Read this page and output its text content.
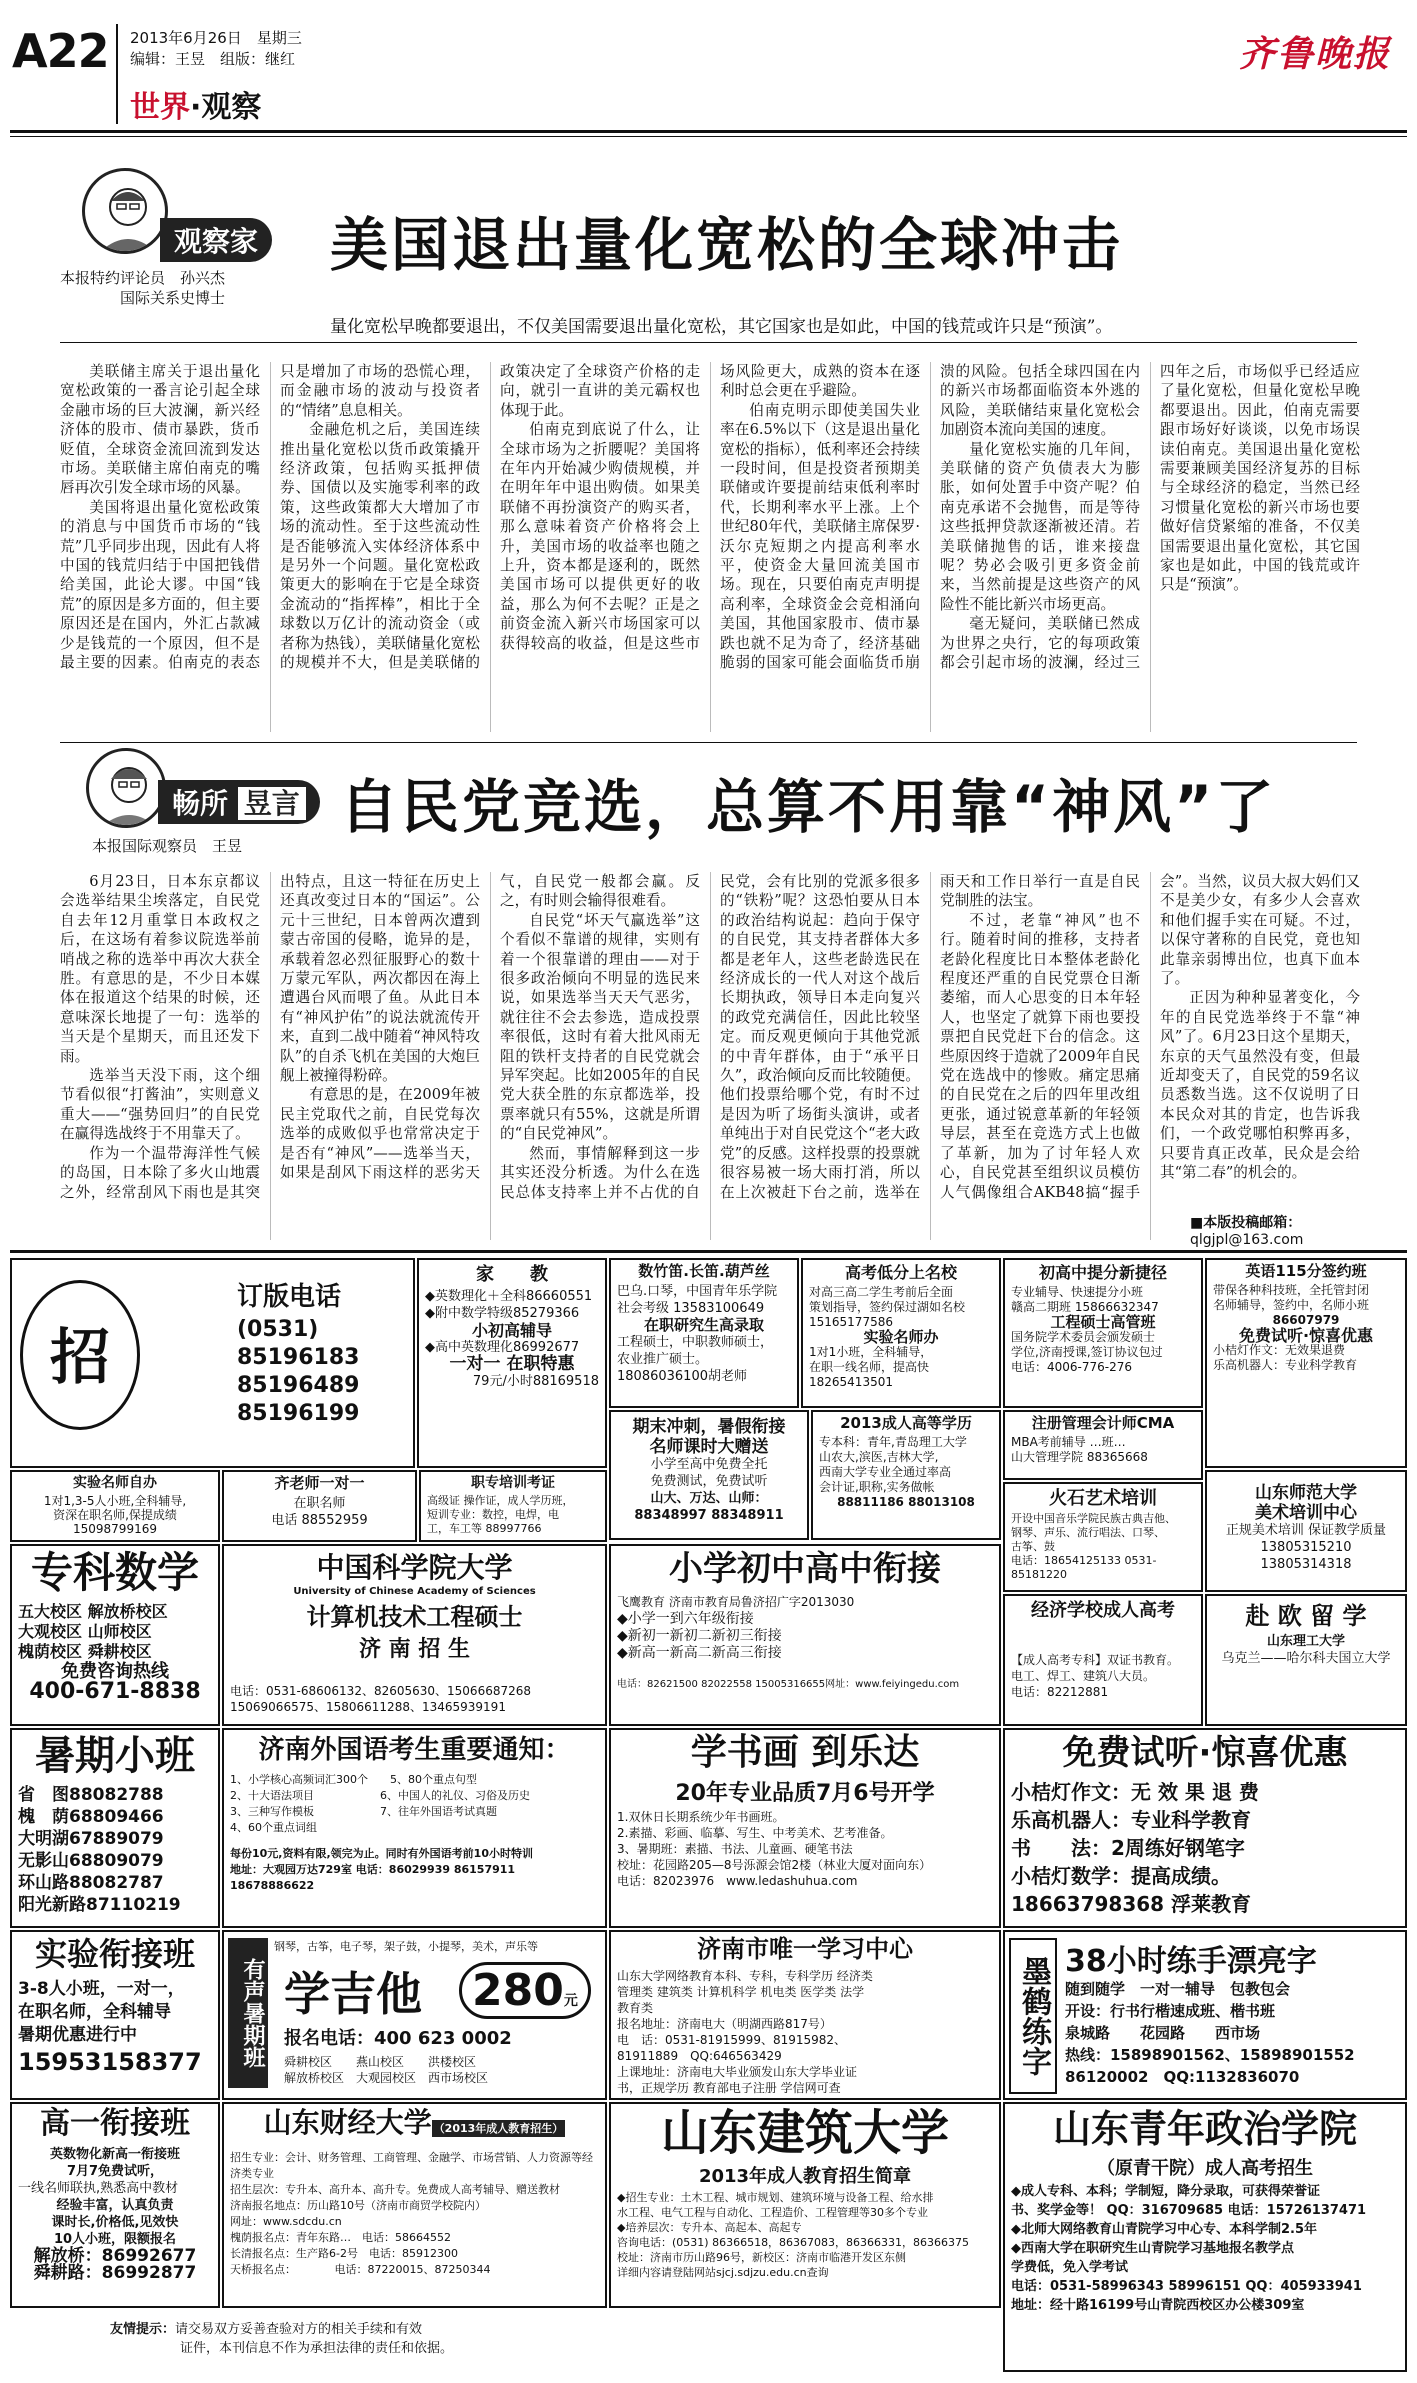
A22 2013年6月26日　 星期三
编辑：王昱　 组版：继红
世界·观察
齐鲁晚报
观察家
本报特约评论员　孙兴杰
国际关系史博士
美国退出量化宽松的全球冲击
量化宽松早晚都要退出，不仅美国需要退出量化宽松，其它国家也是如此，中国的钱荒或许只是“预演”。

美联储主席关于退出量化宽松政策的一番言论引起全球金融市场的巨大波澜，新兴经济体的股市、债市暴跌，货币贬值，全球资金流回流到发达市场。美联储主席伯南克的嘴唇再次引发全球市场的风暴。

美国将退出量化宽松政策的消息与中国货币市场的“钱荒”几乎同步出现，因此有人将中国的钱荒归结于中国把钱借给美国，此论大谬。中国“钱荒”的原因是多方面的，但主要原因还是在国内，外汇占款减少是钱荒的一个原因，但不是最主要的因素。伯南克的表态只是增加了市场的恐慌心理，而金融市场的波动与投资者的“情绪”息息相关。

金融危机之后，美国连续推出量化宽松以货币政策撬开经济政策，包括购买抵押债券、国债以及实施零利率的政策，这些政策都大大增加了市场的流动性。至于这些流动性是否能够流入实体经济体系中是另外一个问题。量化宽松政策更大的影响在于它是全球资金流动的“指挥棒”，相比于全球数以万亿计的流动资金（或者称为热钱），美联储量化宽松的规模并不大，但是美联储的政策决定了全球资产价格的走向，就引一直讲的美元霸权也体现于此。

伯南克到底说了什么，让全球市场为之折腰呢？美国将在年内开始减少购债规模，并在明年年中退出购债。如果美联储不再扮演资产的购买者，那么意味着资产价格将会上升，美国市场的收益率也随之上升，资本都是逐利的，既然美国市场可以提供更好的收益，那么为何不去呢？正是之前资金流入新兴市场国家可以获得较高的收益，但是这些市场风险更大，成熟的资本在逐利时总会更在乎避险。

伯南克明示即使美国失业率在6.5%以下（这是退出量化宽松的指标），低利率还会持续一段时间，但是投资者预期美联储或许要提前结束低利率时代，长期利率水平上涨。上个世纪80年代，美联储主席保罗·沃尔克短期之内提高利率水平，使资金大量回流美国市场。现在，只要伯南克声明提高利率，全球资金会竞相涌向美国，其他国家股市、债市暴跌也就不足为奇了，经济基础脆弱的国家可能会面临货币崩溃的风险。包括全球四国在内的新兴市场都面临资本外逃的风险，美联储结束量化宽松会加剧资本流向美国的速度。

量化宽松实施的几年间，美联储的资产负债表大为膨胀，如何处置手中资产呢？伯南克承诺不会抛售，而是等待这些抵押贷款逐渐被还清。若美联储抛售的话，谁来接盘呢？势必会吸引更多资金前来，当然前提是这些资产的风险性不能比新兴市场更高。

毫无疑问，美联储已然成为世界之央行，它的每项政策都会引起市场的波澜，经过三四年之后，市场似乎已经适应了量化宽松，但量化宽松早晚都要退出。因此，伯南克需要跟市场好好谈谈，以免市场误读伯南克。美国退出量化宽松需要兼顾美国经济复苏的目标与全球经济的稳定，当然已经习惯量化宽松的新兴市场也要做好信贷紧缩的准备，不仅美国需要退出量化宽松，其它国家也是如此，中国的钱荒或许只是“预演”。

畅所 昱言
本报国际观察员　王昱
自民党竞选，总算不用靠“神风”了

6月23日，日本东京都议会选举结果尘埃落定，自民党自去年12月重掌日本政权之后，在这场有着参议院选举前哨战之称的选举中再次大获全胜。有意思的是，不少日本媒体在报道这个结果的时候，还意味深长地提了一句：选举的当天是个星期天，而且还发下雨。

选举当天没下雨，这个细节看似很“打酱油”，实则意义重大——“强势回归”的自民党在赢得选战终于不用靠天了。

作为一个温带海洋性气候的岛国，日本除了多火山地震之外，经常刮风下雨也是其突出特点，且这一特征在历史上还真改变过日本的“国运”。公元十三世纪，日本曾两次遭到蒙古帝国的侵略，诡异的是，承载着忽必烈征服野心的数十万蒙元军队，两次都因在海上遭遇台风而喂了鱼。从此日本有“神风护佑”的说法就流传开来，直到二战中随着“神风特攻队”的自杀飞机在美国的大炮巨舰上被撞得粉碎。

有意思的是，在2009年被民主党取代之前，自民党每次选举的成败似乎也常常决定于是否有“神风”——选举当天，如果是刮风下雨这样的恶劣天气，自民党一般都会赢。反之，有时则会输得很难看。

自民党“坏天气赢选举”这个看似不靠谱的规律，实则有着一个很靠谱的理由——对于很多政治倾向不明显的选民来说，如果选举当天天气恶劣，就往往不会去参选，造成投票率很低，这时有着大批风雨无阻的铁杆支持者的自民党就会异军突起。比如2005年的自民党大获全胜的东京都选举，投票率就只有55%，这就是所谓的“自民党神风”。

然而，事情解释到这一步其实还没分析透。为什么在选民总体支持率上并不占优的自民党，会有比别的党派多很多的“铁粉”呢？这恐怕要从日本的政治结构说起：趋向于保守的自民党，其支持者群体大多都是老年人，这些老龄选民在经济成长的一代人对这个战后长期执政，领导日本走向复兴的政党充满信任，因此比较坚定。而反观更倾向于其他党派的中青年群体，由于“承平日久”，政治倾向反而比较随便。他们投票给哪个党，有时不过是因为听了场街头演讲，或者单纯出于对自民党这个“老大政党”的反感。这样投票的投票就很容易被一场大雨打消，所以在上次被赶下台之前，选举在雨天和工作日举行一直是自民党制胜的法宝。

不过，老靠“神风”也不行。随着时间的推移，支持者老龄化程度比日本整体老龄化程度还严重的自民党票仓日渐萎缩，而人心思变的日本年轻人，也坚定了就算下雨也要投票把自民党赶下台的信念。这些原因终于造就了2009年自民党在选战中的惨败。痛定思痛的自民党在之后的四年里改组更张，通过锐意革新的年轻领导层，甚至在竞选方式上也做了革新，加为了讨年轻人欢心，自民党甚至组织议员模仿人气偶像组合AKB48搞“握手会”。当然，议员大叔大妈们又不是美少女，有多少人会喜欢和他们握手实在可疑。不过，以保守著称的自民党，竟也知此靠亲弱博出位，也真下血本了。

正因为种种显著变化，今年的自民党选举终于不靠“神风”了。6月23日这个星期天，东京的天气虽然没有变，但最近却变天了，自民党的59名议员悉数当选。这不仅说明了日本民众对其的肯定，也告诉我们，一个政党哪怕积弊再多，只要肯真正改革，民众是会给其“第二春”的机会的。

■本版投稿邮箱：
qlgjpl@163.com
招
订版电话
(0531)
85196183
85196489
85196199
家　　教
◆英数理化＋全科86660551
◆附中数学特级85279366
小初高辅导
◆高中英数理化86992677
一对一 在职特惠
79元/小时88169518
数竹笛.长笛.葫芦丝
巴乌.口琴，中国青年乐学院
社会考级 13583100649
在职研究生高录取
工程硕士，中职教师硕士，
农业推广硕士。
18086036100胡老师
高考低分上名校
对高三高二学生考前后全面
策划指导，签约保过湖如名校
15165177586
实验名师办
1对1小班，全科辅导，
在职一线名师，提高快
18265413501
初高中提分新捷径
专业辅导、快速提分小班
赣高二期班 15866632347
工程硕士高管班
国务院学术委员会颁发硕士
学位,济南授课,签订协议包过
电话：4006-776-276
英语115分签约班
带保各种科技班，全托管封闭
名师辅导，签约中，名师小班
86607979
免费试听·惊喜优惠
小桔灯作文：无效果退费
乐高机器人：专业科学教育
期末冲刺，暑假衔接
名师课时大赠送
小学至高中免费全托
免费测试，免费试听
山大、万达、山师：
88348997 88348911
2013成人高等学历
专本科：青年,青岛理工大学
山农大,滨医,吉林大学,
西南大学专业全通过率高
会计证,职称,实务做帐
88811186 88013108
注册管理会计师CMA
MBA考前辅导 …班…
山大管理学院 88365668
实验名师自办
1对1,3-5人小班,全科辅导,
资深在职名师,保提成绩
15098799169
齐老师一对一
在职名师
电话 88552959
职专培训考证
高级证 操作证，成人学历班，
短训专业：数控，电焊，电
工，车工等 88997766
火石艺术培训
开设中国音乐学院民族古典吉他、
钢琴、声乐、流行唱法、口琴、
古筝、鼓
电话：18654125133 0531-85181220
山东师范大学
美术培训中心
正规美术培训 保证教学质量
13805315210 13805314318
专科数学
五大校区 解放桥校区
大观校区 山师校区
槐荫校区 舜耕校区
免费咨询热线
400-671-8838
中国科学院大学
University of Chinese Academy of Sciences
计算机技术工程硕士
济 南 招 生
电话：0531-68606132、82605630、15066687268
15069066575、15806611288、13465939191
小学初中高中衔接
飞鹰教育 济南市教育局鲁济招广字2013030
◆小学一到六年级衔接
◆新初一新初二新初三衔接
◆新高一新高二新高三衔接
电话：82621500 82022558 15005316655网址：www.feiyingedu.com
经济学校成人高考
【成人高考专科】双证书教育。
电工、焊工、建筑八大员。
电话：82212881
赴 欧 留 学
山东理工大学
乌克兰——哈尔科夫国立大学
暑期小班
省　图88082788
槐　荫68809466
大明湖67889079
无影山68809079
环山路88082787
阳光新路87110219
济南外国语考生重要通知：
1、小学核心高频词汇300个　　5、80个重点句型
2、十大语法项目　　　　　　6、中国人的礼仪、习俗及历史
3、三种写作模板　　　　　　7、往年外国语考试真题
4、60个重点词组
每份10元,资料有限,领完为止。同时有外国语考前10小时特训
地址：大观园万达729室 电话：86029939 86157911 18678886622
学书画 到乐达
20年专业品质7月6号开学
1.双休日长期系统少年书画班。
2.素描、彩画、临摹、写生、中考美术、艺考准备。
3、暑期班：素描、书法、儿童画、硬笔书法
校址：花园路205—8号泺源会馆2楼（林业大厦对面向东）
电话：82023976　www.ledashuhua.com
免费试听·惊喜优惠
小桔灯作文：无 效 果 退 费
乐高机器人：专业科学教育
书　　法：2周练好钢笔字
小桔灯数学：提高成绩。
18663798368 浮莱教育
实验衔接班
3-8人小班，一对一，
在职名师，全科辅导
暑期优惠进行中
15953158377	有声暑期班
钢琴，古筝，电子琴，架子鼓，小提琴，美术，声乐等
学吉他 280元
报名电话：400 623 0002
舜耕校区　　燕山校区　　洪楼校区
解放桥校区　大观园校区　西市场校区
济南市唯一学习中心
山东大学网络教育本科、专科，专科学历 经济类
管理类 建筑类 计算机科学 机电类 医学类 法学
教育类
报名地址：济南电大（明湖西路817号）
电　话：0531-81915999、81915982、
81911889　QQ:646563429
上课地址：济南电大毕业颁发山东大学毕业证
书，正规学历 教育部电子注册 学信网可查
墨鹤练字 38小时练手漂亮字
随到随学　一对一辅导　包教包会
开设：行书行楷速成班、楷书班
泉城路　　花园路　　西市场
热线：15898901562、15898901552
86120002　QQ:1132836070
高一衔接班
英数物化新高一衔接班
7月7免费试听，
一线名师联执,熟悉高中教材
经验丰富，认真负责
课时长,价格低,见效快
10人小班，限额报名
解放桥：86992677
舜耕路：86992877
山东财经大学 （2013年成人教育招生）
招生专业：会计、财务管理、工商管理、金融学、市场营销、人力资源等经济类专业
招生层次：专升本、高升本、高升专。免费成人高考辅导、赠送教材
济南报名地点：历山路10号（济南市商贸学校院内）
网址：www.sdcdu.cn
槐荫报名点：青年东路…　电话：58664552
长清报名点：生产路6-2号　电话：85912300
天桥报名点：　　　　电话：87220015、87250344
山东建筑大学
2013年成人教育招生简章
◆招生专业：土木工程、城市规划、建筑环境与设备工程、给水排
水工程、电气工程与自动化、工程造价、工程管理等30多个专业
◆培养层次：专升本、高起本、高起专
咨询电话：(0531) 86366518，86367083，86366331，86366375
校址：济南市历山路96号，新校区：济南市临港开发区东侧
详细内容请登陆网站sjcj.sdjzu.edu.cn查询
山东青年政治学院
（原青干院）成人高考招生
◆成人专科、本科；学制短，降分录取，可获得荣誉证
书、奖学金等！ QQ：316709685 电话：15726137471
◆北师大网络教育山青院学习中心专、本科学制2.5年
◆西南大学在职研究生山青院学习基地报名教学点
学费低，免入学考试
电话：0531-58996343 58996151 QQ：405933941
地址：经十路16199号山青院西校区办公楼309室
友情提示：请交易双方妥善查验对方的相关手续和有效
证件，本刊信息不作为承担法律的责任和依据。
